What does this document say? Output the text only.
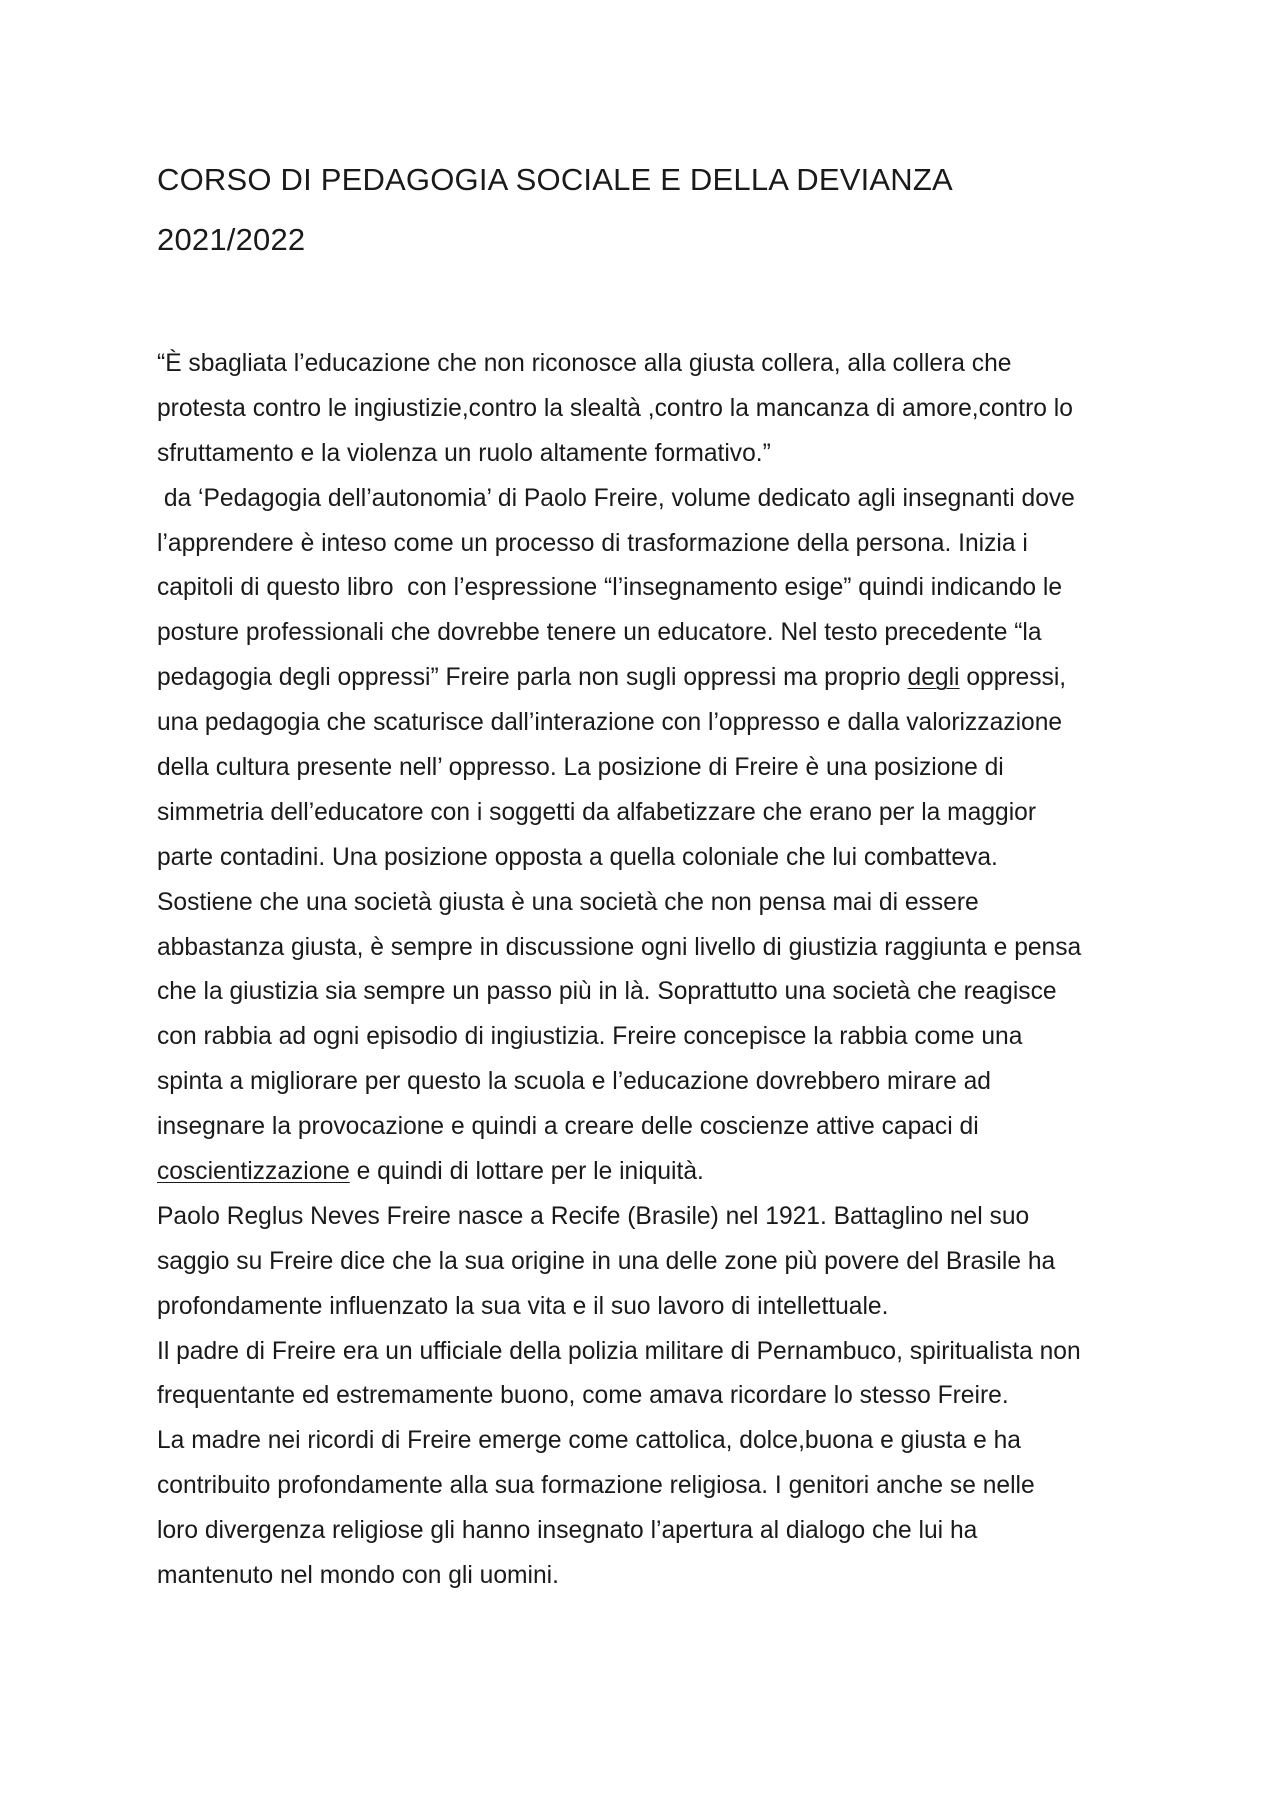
CORSO DI PEDAGOGIA SOCIALE E DELLA DEVIANZA
2021/2022
“È sbagliata l’educazione che non riconosce alla giusta collera, alla collera che
protesta contro le ingiustizie,contro la slealtà ,contro la mancanza di amore,contro lo
sfruttamento e la violenza un ruolo altamente formativo.”
da ‘Pedagogia dell’autonomia’ di Paolo Freire, volume dedicato agli insegnanti dove
l’apprendere è inteso come un processo di trasformazione della persona. Inizia i
capitoli di questo libro  con l’espressione “l’insegnamento esige” quindi indicando le
posture professionali che dovrebbe tenere un educatore. Nel testo precedente “la
pedagogia degli oppressi” Freire parla non sugli oppressi ma proprio degli oppressi,
una pedagogia che scaturisce dall’interazione con l’oppresso e dalla valorizzazione
della cultura presente nell’ oppresso. La posizione di Freire è una posizione di
simmetria dell’educatore con i soggetti da alfabetizzare che erano per la maggior
parte contadini. Una posizione opposta a quella coloniale che lui combatteva.
Sostiene che una società giusta è una società che non pensa mai di essere
abbastanza giusta, è sempre in discussione ogni livello di giustizia raggiunta e pensa
che la giustizia sia sempre un passo più in là. Soprattutto una società che reagisce
con rabbia ad ogni episodio di ingiustizia. Freire concepisce la rabbia come una
spinta a migliorare per questo la scuola e l’educazione dovrebbero mirare ad
insegnare la provocazione e quindi a creare delle coscienze attive capaci di
coscientizzazione e quindi di lottare per le iniquità.
Paolo Reglus Neves Freire nasce a Recife (Brasile) nel 1921. Battaglino nel suo
saggio su Freire dice che la sua origine in una delle zone più povere del Brasile ha
profondamente influenzato la sua vita e il suo lavoro di intellettuale.
Il padre di Freire era un ufficiale della polizia militare di Pernambuco, spiritualista non
frequentante ed estremamente buono, come amava ricordare lo stesso Freire.
La madre nei ricordi di Freire emerge come cattolica, dolce,buona e giusta e ha
contribuito profondamente alla sua formazione religiosa. I genitori anche se nelle
loro divergenza religiose gli hanno insegnato l’apertura al dialogo che lui ha
mantenuto nel mondo con gli uomini.
